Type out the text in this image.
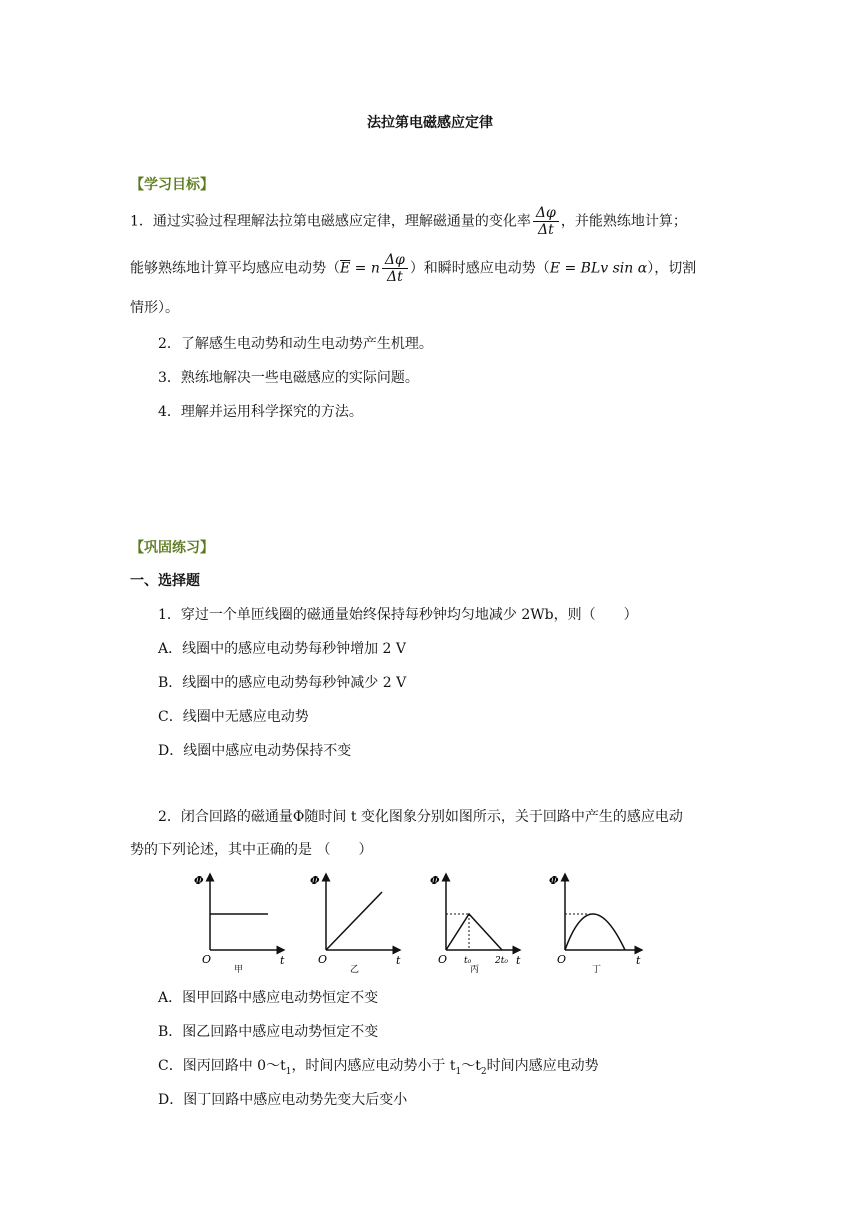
法拉第电磁感应定律
【学习目标】
1．通过实验过程理解法拉第电磁感应定律，理解磁通量的变化率 $\frac{\Delta\varphi}{\Delta t}$ ，并能熟练地计算；
能够熟练地计算平均感应电动势（$\overline{E} = n \frac{\Delta\varphi}{\Delta t}$ ）和瞬时感应电动势（E = BLv sin α），切割
情形）。
2．了解感生电动势和动生电动势产生机理。
3．熟练地解决一些电磁感应的实际问题。
4．理解并运用科学探究的方法。
【巩固练习】
一、选择题
1．穿过一个单匝线圈的磁通量始终保持每秒钟均匀地减少 2Wb，则（　　）
A．线圈中的感应电动势每秒钟增加 2 V
B．线圈中的感应电动势每秒钟减少 2 V
C．线圈中无感应电动势
D．线圈中感应电动势保持不变
2．闭合回路的磁通量Φ随时间 t 变化图象分别如图所示，关于回路中产生的感应电动
势的下列论述，其中正确的是 （　　）
Φ
t
O
甲
Φ
t
O
乙
Φ
t
O t₀	2t₀
丙
Φ
t
O
丁
A．图甲回路中感应电动势恒定不变
B．图乙回路中感应电动势恒定不变
C．图丙回路中 $0\sim t_1$，时间内感应电动势小于 $t_1\sim t_2$时间内感应电动势
D．图丁回路中感应电动势先变大后变小
